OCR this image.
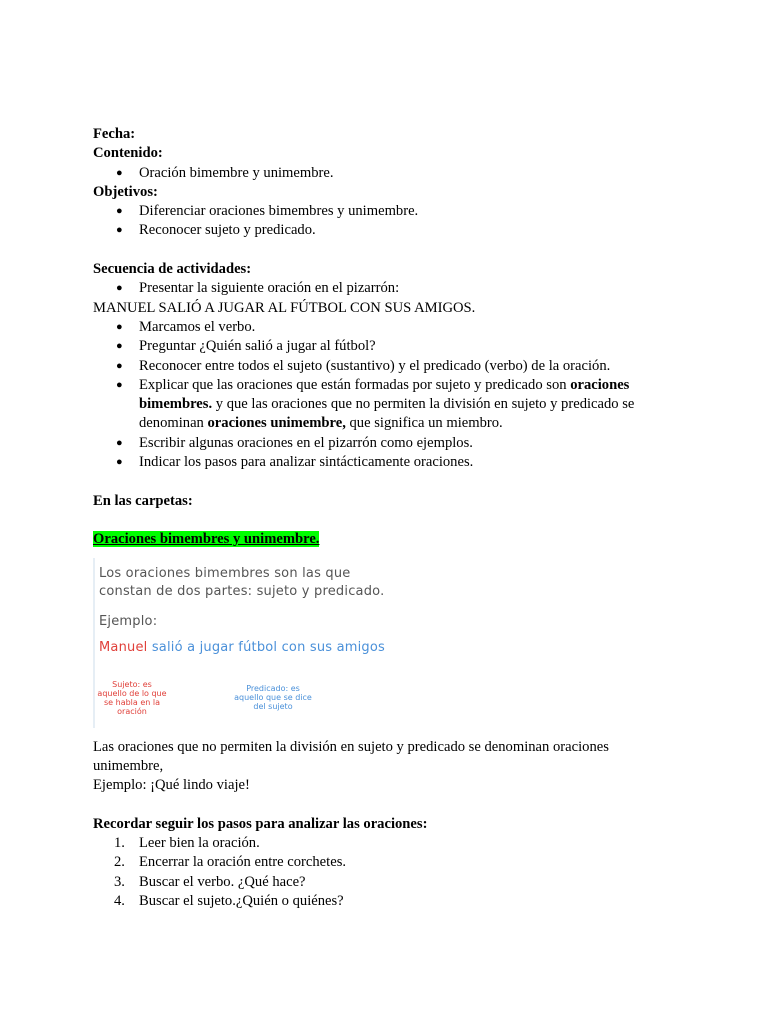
Fecha:

Contenido:

● Oración bimembre y unimembre.

Objetivos:

● Diferenciar oraciones bimembres y unimembre.
● Reconocer sujeto y predicado.

Secuencia de actividades:

● Presentar la siguiente oración en el pizarrón:

MANUEL SALIÓ A JUGAR AL FÚTBOL CON SUS AMIGOS.

● Marcamos el verbo.
● Preguntar ¿Quién salió a jugar al fútbol?
● Reconocer entre todos el sujeto (sustantivo) y el predicado (verbo) de la oración.
● Explicar que las oraciones que están formadas por sujeto y predicado son oraciones bimembres. y que las oraciones que no permiten la división en sujeto y predicado se denominan oraciones unimembre, que significa un miembro.
● Escribir algunas oraciones en el pizarrón como ejemplos.
● Indicar los pasos para analizar sintácticamente oraciones.

En las carpetas:

Oraciones bimembres y unimembre.

Los oraciones bimembres son las que
constan de dos partes: sujeto y predicado.
Ejemplo:
Manuel salió a jugar fútbol con sus amigos
Sujeto: es aquello de lo que se habla en la oración
Predicado: es aquello que se dice del sujeto

Las oraciones que no permiten la división en sujeto y predicado se denominan oraciones

unimembre,

Ejemplo: ¡Qué lindo viaje!

Recordar seguir los pasos para analizar las oraciones:

1. Leer bien la oración.
2. Encerrar la oración entre corchetes.
3. Buscar el verbo. ¿Qué hace?
4. Buscar el sujeto.¿Quién o quiénes?
